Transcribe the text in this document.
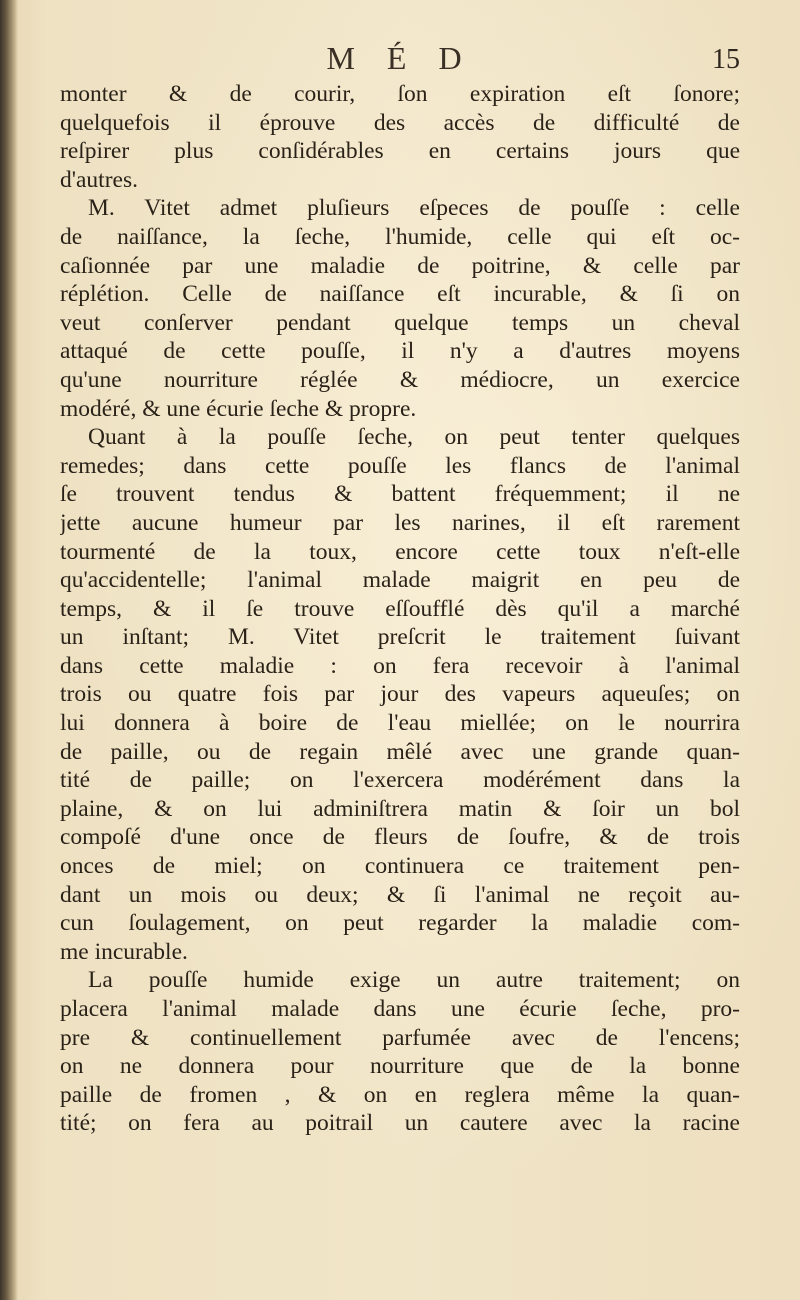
M É D	15
monter & de courir, ſon expiration eſt ſonore;
quelquefois il éprouve des accès de difficulté de
reſpirer plus conſidérables en certains jours que
d'autres.
M. Vitet admet pluſieurs eſpeces de pouſſe : celle
de naiſſance, la ſeche, l'humide, celle qui eſt oc-
caſionnée par une maladie de poitrine, & celle par
réplétion. Celle de naiſſance eſt incurable, & ſi on
veut conſerver pendant quelque temps un cheval
attaqué de cette pouſſe, il n'y a d'autres moyens
qu'une nourriture réglée & médiocre, un exercice
modéré, & une écurie ſeche & propre.
Quant à la pouſſe ſeche, on peut tenter quelques
remedes; dans cette pouſſe les flancs de l'animal
ſe trouvent tendus & battent fréquemment; il ne
jette aucune humeur par les narines, il eſt rarement
tourmenté de la toux, encore cette toux n'eſt-elle
qu'accidentelle; l'animal malade maigrit en peu de
temps, & il ſe trouve eſſoufflé dès qu'il a marché
un inſtant; M. Vitet preſcrit le traitement ſuivant
dans cette maladie : on fera recevoir à l'animal
trois ou quatre fois par jour des vapeurs aqueuſes; on
lui donnera à boire de l'eau miellée; on le nourrira
de paille, ou de regain mêlé avec une grande quan-
tité de paille; on l'exercera modérément dans la
plaine, & on lui adminiſtrera matin & ſoir un bol
compoſé d'une once de fleurs de ſoufre, & de trois
onces de miel; on continuera ce traitement pen-
dant un mois ou deux; & ſi l'animal ne reçoit au-
cun ſoulagement, on peut regarder la maladie com-
me incurable.
La pouſſe humide exige un autre traitement; on
placera l'animal malade dans une écurie ſeche, pro-
pre & continuellement parfumée avec de l'encens;
on ne donnera pour nourriture que de la bonne
paille de fromen , & on en reglera même la quan-
tité; on fera au poitrail un cautere avec la racine
